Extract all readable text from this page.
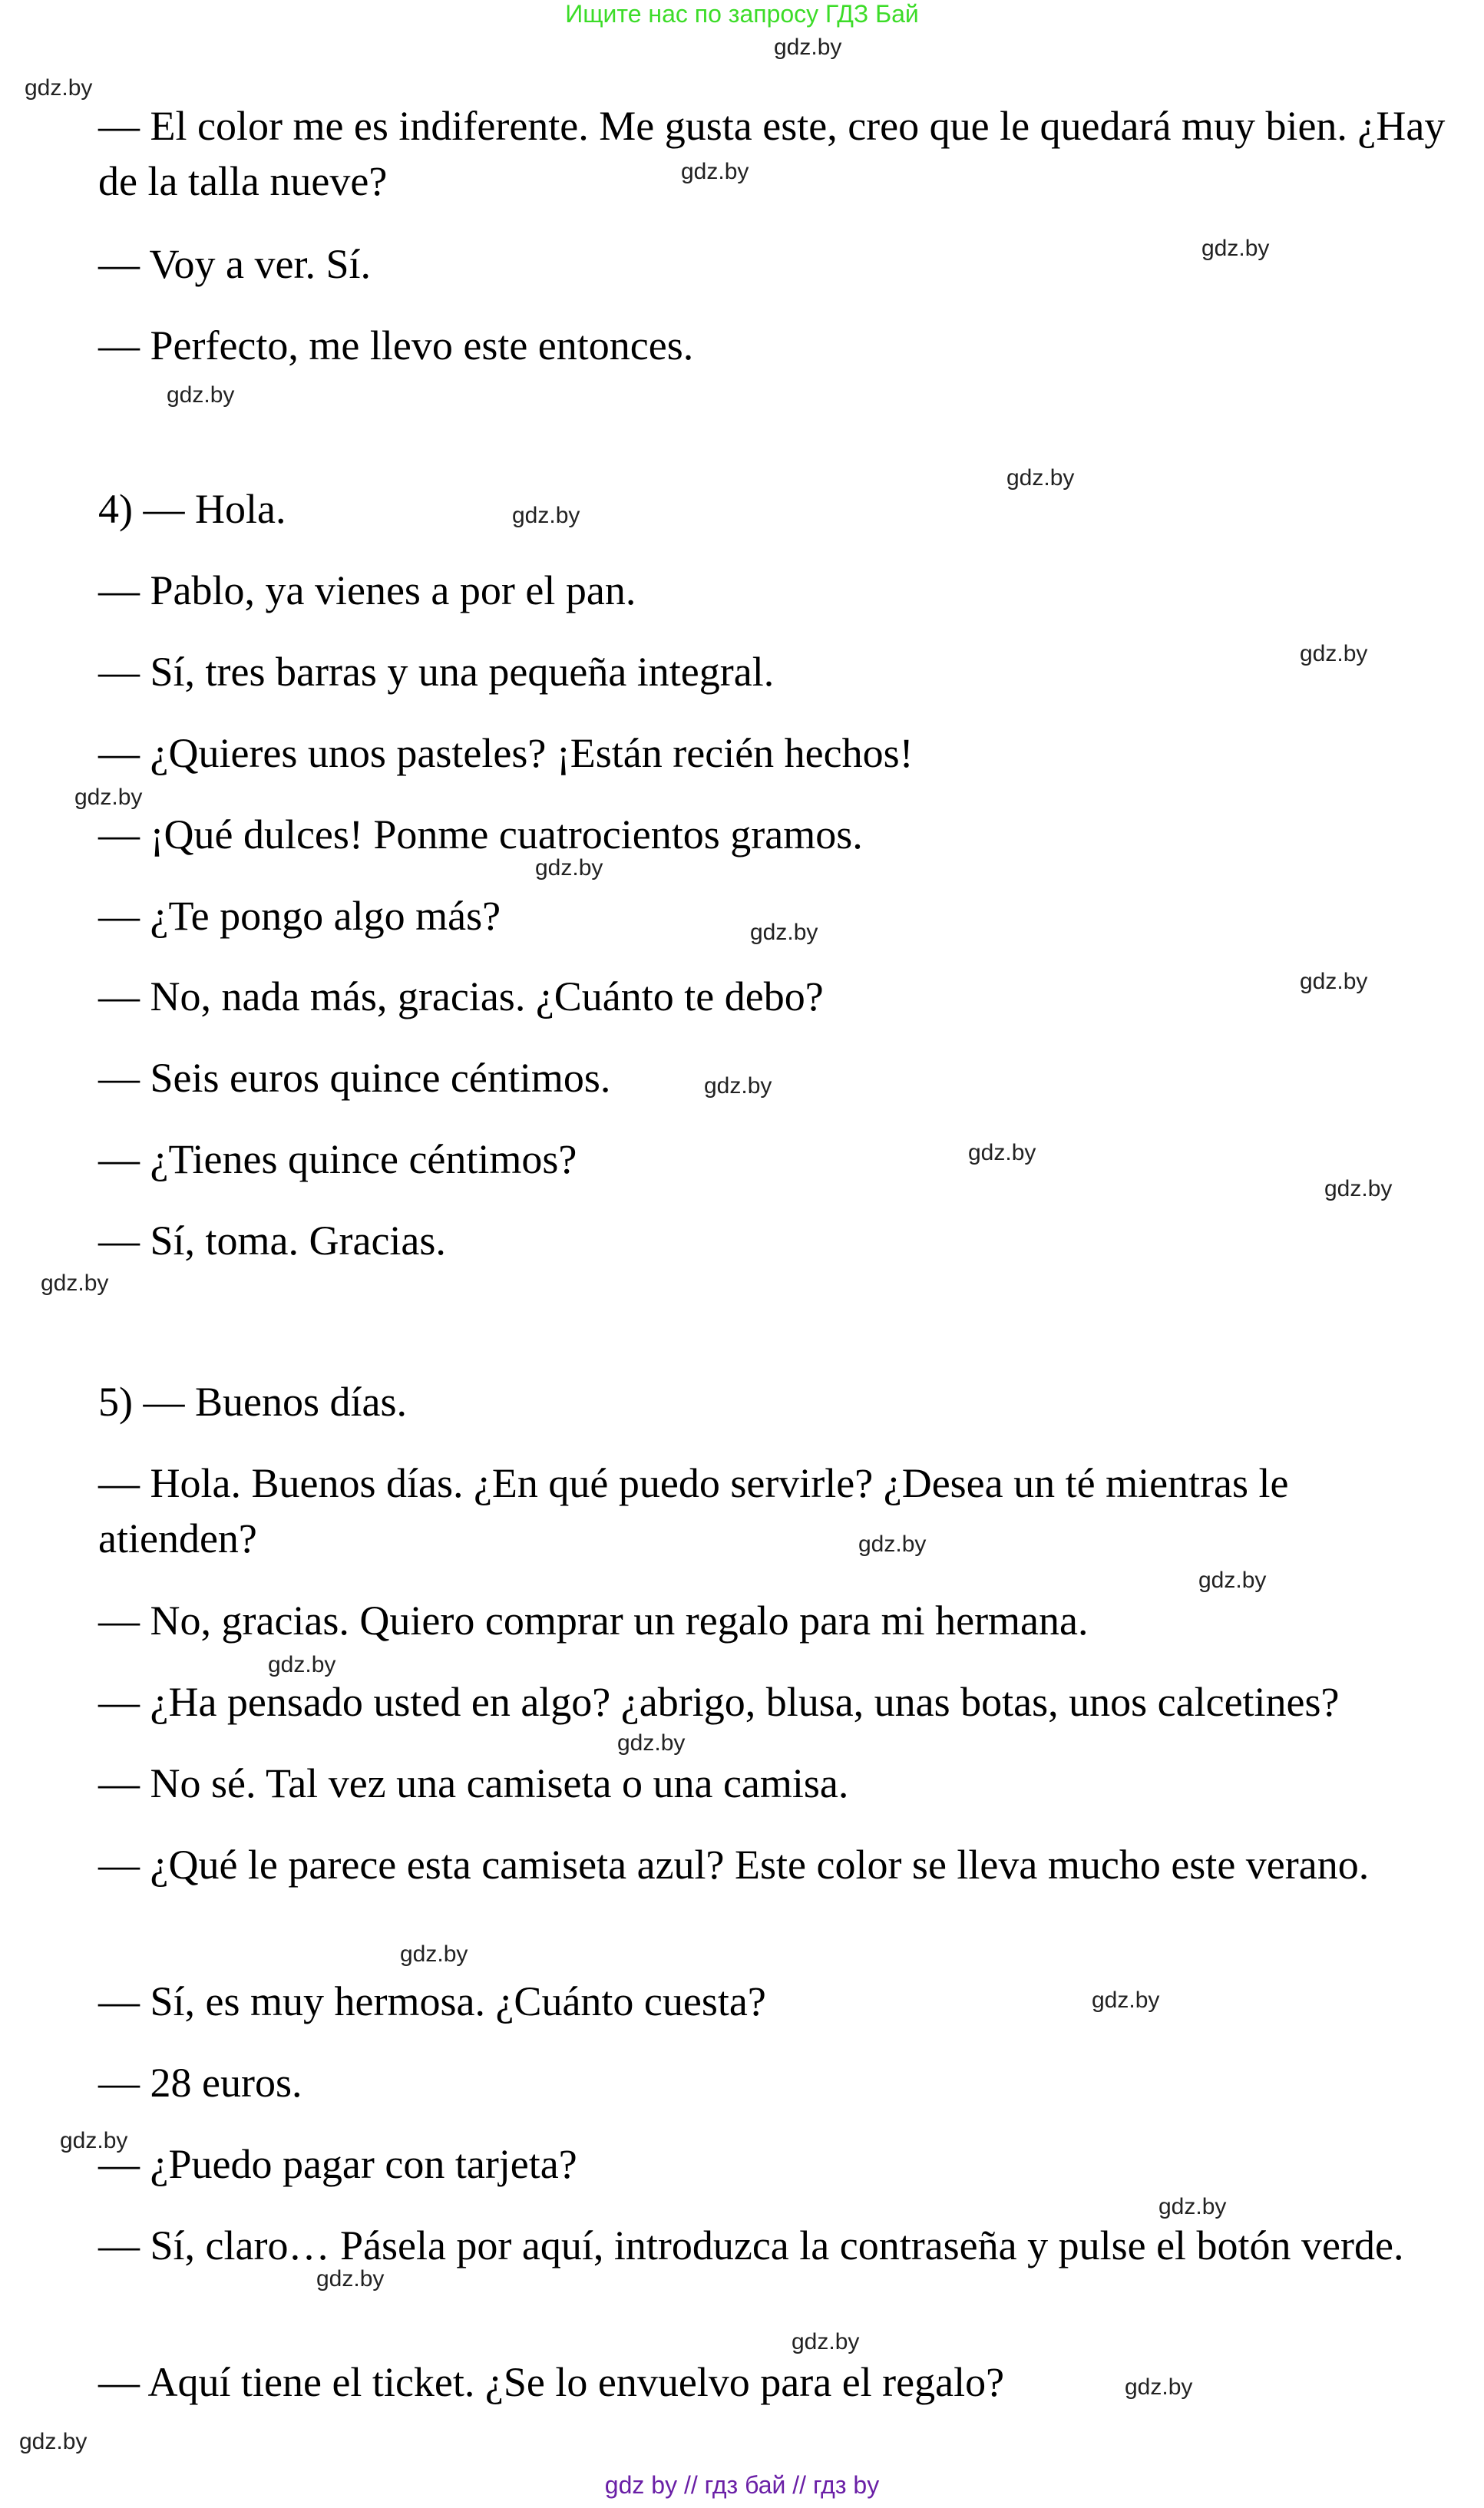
Ищите нас по запросу ГДЗ Бай
— El color me es indiferente. Me gusta este, creo que le quedará muy bien. ¿Hay de la talla nueve?
— Voy a ver. Sí.
— Perfecto, me llevo este entonces.
4) — Hola.
— Pablo, ya vienes a por el pan.
— Sí, tres barras y una pequeña integral.
— ¿Quieres unos pasteles? ¡Están recién hechos!
— ¡Qué dulces! Ponme cuatrocientos gramos.
— ¿Te pongo algo más?
— No, nada más, gracias. ¿Cuánto te debo?
— Seis euros quince céntimos.
— ¿Tienes quince céntimos?
— Sí, toma. Gracias.
5) — Buenos días.
— Hola. Buenos días. ¿En qué puedo servirle? ¿Desea un té mientras le atienden?
— No, gracias. Quiero comprar un regalo para mi hermana.
— ¿Ha pensado usted en algo? ¿abrigo, blusa, unas botas, unos calcetines?
— No sé. Tal vez una camiseta o una camisa.
— ¿Qué le parece esta camiseta azul? Este color se lleva mucho este verano.
— Sí, es muy hermosa. ¿Cuánto cuesta?
— 28 euros.
— ¿Puedo pagar con tarjeta?
— Sí, claro… Pásela por aquí, introduzca la contraseña y pulse el botón verde.
— Aquí tiene el ticket. ¿Se lo envuelvo para el regalo?
gdz.by
gdz.by
gdz.by
gdz.by
gdz.by
gdz.by
gdz.by
gdz.by
gdz.by
gdz.by
gdz.by
gdz.by
gdz.by
gdz.by
gdz.by
gdz.by
gdz.by
gdz.by
gdz.by
gdz.by
gdz.by
gdz.by
gdz.by
gdz.by
gdz.by
gdz.by
gdz.by
gdz.by
gdz by // гдз бай // гдз by
